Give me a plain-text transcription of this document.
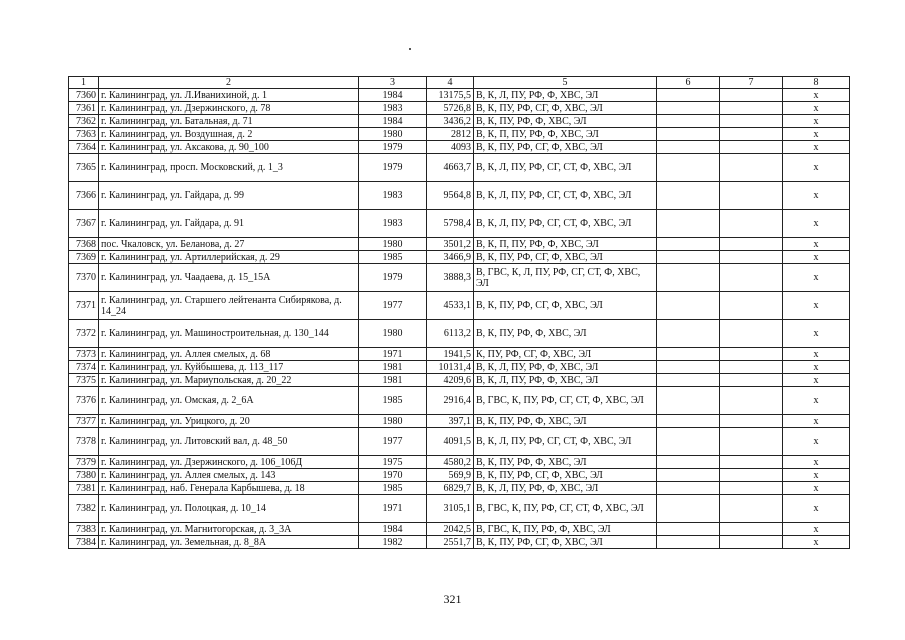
1	2	3	4	5	6	7	8
7360	г. Калининград, ул. Л.Иванихиной, д. 1	1984	13175,5	В, К, Л, ПУ, РФ, Ф, ХВС, ЭЛ			x
7361	г. Калининград, ул. Дзержинского, д. 78	1983	5726,8	В, К, ПУ, РФ, СГ, Ф, ХВС, ЭЛ			x
7362	г. Калининград, ул. Батальная, д. 71	1984	3436,2	В, К, ПУ, РФ, Ф, ХВС, ЭЛ			x
7363	г. Калининград, ул. Воздушная, д. 2	1980	2812	В, К, П, ПУ, РФ, Ф, ХВС, ЭЛ			x
7364	г. Калининград, ул. Аксакова, д. 90_100	1979	4093	В, К, ПУ, РФ, СГ, Ф, ХВС, ЭЛ			x
7365	г. Калининград, просп. Московский, д. 1_3	1979	4663,7	В, К, Л, ПУ, РФ, СГ, СТ, Ф, ХВС, ЭЛ			x
7366	г. Калининград, ул. Гайдара, д. 99	1983	9564,8	В, К, Л, ПУ, РФ, СГ, СТ, Ф, ХВС, ЭЛ			x
7367	г. Калининград, ул. Гайдара, д. 91	1983	5798,4	В, К, Л, ПУ, РФ, СГ, СТ, Ф, ХВС, ЭЛ			x
7368	пос. Чкаловск, ул. Беланова, д. 27	1980	3501,2	В, К, П, ПУ, РФ, Ф, ХВС, ЭЛ			x
7369	г. Калининград, ул. Артиллерийская, д. 29	1985	3466,9	В, К, ПУ, РФ, СГ, Ф, ХВС, ЭЛ			x
7370	г. Калининград, ул. Чаадаева, д. 15_15А	1979	3888,3	В, ГВС, К, Л, ПУ, РФ, СГ, СТ, Ф, ХВС, ЭЛ			x
7371	г. Калининград, ул. Старшего лейтенанта Сибирякова, д. 14_24	1977	4533,1	В, К, ПУ, РФ, СГ, Ф, ХВС, ЭЛ			x
7372	г. Калининград, ул. Машиностроительная, д. 130_144	1980	6113,2	В, К, ПУ, РФ, Ф, ХВС, ЭЛ			x
7373	г. Калининград, ул. Аллея смелых, д. 68	1971	1941,5	К, ПУ, РФ, СГ, Ф, ХВС, ЭЛ			x
7374	г. Калининград, ул. Куйбышева, д. 113_117	1981	10131,4	В, К, Л, ПУ, РФ, Ф, ХВС, ЭЛ			x
7375	г. Калининград, ул. Мариупольская, д. 20_22	1981	4209,6	В, К, Л, ПУ, РФ, Ф, ХВС, ЭЛ			x
7376	г. Калининград, ул. Омская, д. 2_6А	1985	2916,4	В, ГВС, К, ПУ, РФ, СГ, СТ, Ф, ХВС, ЭЛ			x
7377	г. Калининград, ул. Урицкого, д. 20	1980	397,1	В, К, ПУ, РФ, Ф, ХВС, ЭЛ			x
7378	г. Калининград, ул. Литовский вал, д. 48_50	1977	4091,5	В, К, Л, ПУ, РФ, СГ, СТ, Ф, ХВС, ЭЛ			x
7379	г. Калининград, ул. Дзержинского, д. 106_106Д	1975	4580,2	В, К, ПУ, РФ, Ф, ХВС, ЭЛ			x
7380	г. Калининград, ул. Аллея смелых, д. 143	1970	569,9	В, К, ПУ, РФ, СГ, Ф, ХВС, ЭЛ			x
7381	г. Калининград, наб. Генерала Карбышева, д. 18	1985	6829,7	В, К, Л, ПУ, РФ, Ф, ХВС, ЭЛ			x
7382	г. Калининград, ул. Полоцкая, д. 10_14	1971	3105,1	В, ГВС, К, ПУ, РФ, СГ, СТ, Ф, ХВС, ЭЛ			x
7383	г. Калининград, ул. Магнитогорская, д. 3_3А	1984	2042,5	В, ГВС, К, ПУ, РФ, Ф, ХВС, ЭЛ			x
7384	г. Калининград, ул. Земельная, д. 8_8А	1982	2551,7	В, К, ПУ, РФ, СГ, Ф, ХВС, ЭЛ			x
321
